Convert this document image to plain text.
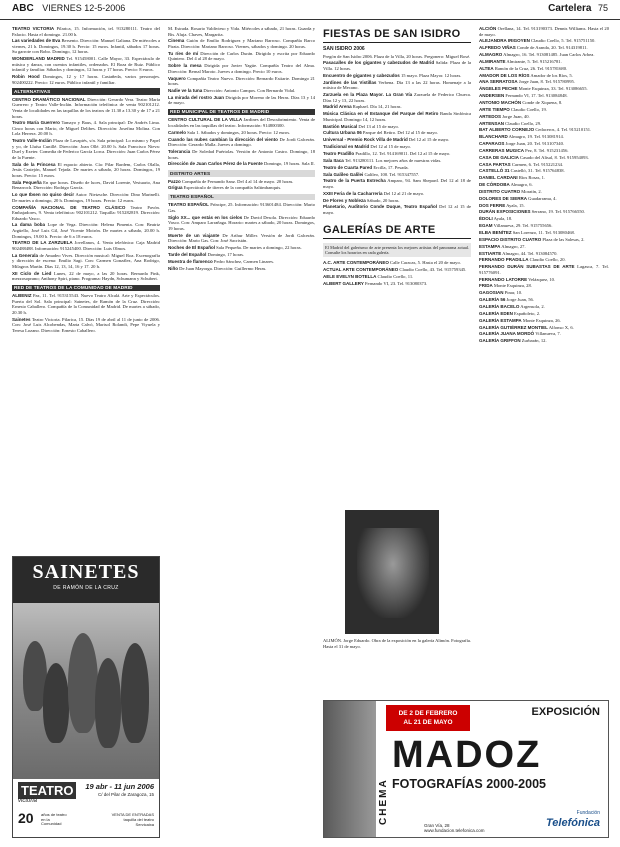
ABC VIERNES 12-5-2006	Cartelera 75
TEATRO VICTORIA Pilarica, 15. Información, tel. 913280111. Teatro del Palacio. Hasta el domingo. 21.00 h.
Las variedades de Eva Bersento. Dirección: Manuel Galiana. De miércoles a viernes, 21 h. Domingos, 19.30 h. Precio: 15 euros. Infantil, sábados 17 horas. Su garrote con Bobo. Domingo, 12 horas.
WONDERLAND MADRID Tel. 915458001. Calle Mayor, 33. Espectáculo de música y danza, con cuentos infantiles, ordenados. El Boza de Ruiz. Público infantil y familiar. Sábados y domingos, 12 horas y 17 horas. Precio: 8 euros.
Robin Hood Domingos, 12 y 17 horas. Castañeda, varios personajes. 902400222. Precio: 12 euros. Público infantil y familiar.
ALTERNATIVAS
CENTRO DRAMÁTICO NACIONAL Dirección: Gerardo Vera. Teatro María Guerrero y Teatro Valle-Inclán. Información telefónica de venta 902101212. Venta de localidades en las taquillas de los teatros de 11.30 a 13.30 y de 17 a 21 horas.
Teatro María Guerrero Tamayo y Baus, 4. Sala principal: De Andrés Lima. Cinco horas con Mario, de Miguel Delibes. Dirección: Josefina Molina. Con Lola Herrera. 20.00 h.
Teatro Valle-Inclán Plaza de Lavapiés, s/n. Sala principal: Lo mismo y Papel y yo, de Lluïsa Cunillé. Dirección: Joan Ollé. 20.00 h. Sala Francisco Nieva: Duel y Exeter. Comedia de Federico García Lorca. Dirección: Juan Carlos Pérez de la Fuente.
Sala de la Princesa El espacio abierto. Cía: Pilar Bardem, Carlos Olalla, Jesús Castejón, Manuel Tejada. De martes a sábado, 20 horas. Domingos, 19 horas. Precio: 15 euros.
Sala Pequeña En que horas. Diseño de luces, David Lorente, Vestuario, Ana Benarroch. Dirección: Rodrigo García.
Lo que Ibsen no quiso decir Autor: Nietzsche. Dirección: Dino Marinelli. De martes a domingo, 20 h. Domingos, 19 horas. Precio: 12 euros.
COMPAÑÍA NACIONAL DE TEATRO CLÁSICO Teatro Pavón. Embajadores, 9. Venta telefónica: 902101212. Taquilla: 915282819. Dirección: Eduardo Vasco.
La dama boba Lope de Vega. Dirección: Helena Pimenta. Con: Beatriz Argüello, José Luis Gil, José Vicente Moirón. De martes a sábado, 20.00 h. Domingos, 19.00 h. Precio: de 6 a 18 euros.
TEATRO DE LA ZARZUELA Jovellanos, 4. Venta telefónica: Caja Madrid 902488488. Información: 915245400. Dirección: Luis Olmos.
La Generala de Amadeo Vives. Dirección musical: Miguel Roa. Escenografía y dirección de escena: Emilio Sagi. Con: Carmen González, Ana Rodrigo, Milagros Martín. Días 12, 13, 14, 16 y 17. 20 h.
XII Ciclo de Lied Lunes, 22 de mayo, a las 20 horas. Bernarda Fink, mezzosoprano; Anthony Spiri, piano. Programa: Haydn, Schumann y Schubert.
RED DE TEATROS DE LA COMUNIDAD DE MADRID
ALBENIZ Paz, 11. Tel. 915315543. Nuevo Teatro Alcalá. Arte y Espectáculos. Puerta del Sol. Sala principal: Sainetes, de Ramón de la Cruz. Dirección: Ernesto Caballero. Compañía de la Comunidad de Madrid. De martes a sábado, 20.30 h.
Sainetes Teatro Victoria. Pilarica, 15. Días 19 de abril al 11 de junio de 2006. Con: José Luis Alcobendas, Marta Calvó, Marisol Rolandi, Pepe Viyuela y Teresa Lozano. Dirección: Ernesto Caballero.
SAINETES
DE RAMÓN DE LA CRUZ
TEATRO
victoria
19 abr - 11 jun 2006
C/ del Pilar de Zaragoza, 15
20 años de teatro en la Comunidad
VENTA DE ENTRADAS
taquilla del teatro
Servicaixa
M. Estrada. Rosario Valdivieso y Vida. Miércoles a sábado, 21 horas. Guarda y Bis. Aluja. Chaves, Margarita.
Cinema Guión de Emilio Rodriguez y Mariano Barroso. Compañía Barco Pirata. Dirección: Mariano Barroso. Viernes, sábados y domingo. 20 horas.
Tu ríes de mí Dirección de Carlos Durán. Dirigida y escrita por Eduardo Quintero. Del 4 al 28 de mayo.
Sobre la mesa Dirigida por Javier Yagüe. Compañía Teatro del Alma. Dirección: Bernal Maroto. Jueves a domingo. Precio 10 euros.
Vaquero Compañía Teatro Nuevo. Dirección: Bernardo Estiarte. Domingo 21 horas.
Nadie ve la tuna Dirección: Antonio Campos. Con Bernardo Vidal.
La mirada del rostro Juan Dirigida por Moreno de las Heras. Días 13 y 14 de mayo.
RED MUNICIPAL DE TEATROS DE MADRID
CENTRO CULTURAL DE LA VILLA Jardines del Descubrimiento. Venta de localidades en las taquillas del teatro. Información: 914800300.
Carmelo Sala 1. Sábados y domingos, 20 horas. Precio: 12 euros.
Cuando las nubes cambian la dirección del viento De Jordi Galcerán. Dirección: Gerardo Malla. Jueves a domingo.
Tolerancia De Soledad Puértolas. Versión de Antonio Castro. Domingo, 18 horas.
Dirección de Juan Carlos Pérez de la Fuente Domingo, 19 horas. Sala II.
DISTRITO ARTES
Pazzo Compañía de Fernando Sanz. Del 4 al 14 de mayo. 20 horas.
Grigua Espectáculo de títeres de la compañía Saltimbanquis.
TEATRO ESPAÑOL
TEATRO ESPAÑOL Príncipe, 25. Información: 913601484. Dirección: Mario Gas.
Siglo XX... que estás en los cielos De David Desola. Dirección: Eduardo Vasco. Con: Amparo Larrañaga. Horario: martes a sábado, 20 horas. Domingos, 19 horas.
Muerte de un viajante De Arthur Miller. Versión de Jordi Galcerán. Dirección: Mario Gas. Con: José Sacristán.
Noches de El Español Sala Pequeña. De martes a domingo, 22 horas.
Tarde del Español Domingo, 17 horas.
Muestra de flamenco Pedro Sánchez, Carmen Linares.
Niño De Juan Mayorga. Dirección: Guillermo Heras.
FIESTAS DE SAN ISIDRO
SAN ISIDRO 2006
Pregón de San Isidro 2006. Plaza de la Villa, 20 horas. Pregonero: Miguel Bosé.
Pasacalles de los gigantes y cabezudos de Madrid Salida: Plaza de la Villa. 12 horas.
Encuentro de gigantes y cabezudos 15 mayo. Plaza Mayor. 12 horas.
Jardines de las Vistillas Verbena. Día 13 a las 22 horas. Homenaje a la música de Mecano.
Zarzuela en la Plaza Mayor. La Gran Vía Zarzuela de Federico Chueca. Días 12 y 13, 22 horas.
Madrid Arena Raphael. Día 14, 21 horas.
Música Clásica en el Estanque del Parque del Retiro Banda Sinfónica Municipal. Domingo 14, 12 horas.
Bastión Musical Del 13 al 15 de mayo.
Cultura Urbana 06 Parque del Retiro. Del 12 al 15 de mayo.
Universal - Premio Rock Villa de Madrid Del 12 al 15 de mayo.
Tradicional en Madrid Del 12 al 15 de mayo.
Teatro Pradillo Pradillo, 12. Tel. 914169011. Del 12 al 15 de mayo.
Sala Itaca Tel. 913280111. Los mejores años de nuestras vidas.
Teatro de Cuarta Pared Ercilla, 17. Pesada.
Sala Galileo Galilei Galileo, 100. Tel. 915347557.
Teatro de la Puerta Estrecha Amparo, 94. Sam Shepard. Del 12 al 18 de mayo.
XXIII Feria de la Cacharrería Del 12 al 21 de mayo.
De Flores y Nobleza Sábado, 20 horas.
Planetario, Auditorio Conde Duque, Teatro Español Del 12 al 15 de mayo.
GALERÍAS DE ARTE
El Madrid del galerismo de arte presenta los mejores artistas del panorama actual. Consulte los horarios en cada galería.
A.C. ARTE CONTEMPORÁNEO Calle Caracas, 5. Hasta el 20 de mayo.
ACTUAL ARTE CONTEMPORÁNEO Claudio Coello, 43. Tel. 915759345.
AELE EVELYN BOTELLA Claudio Coello, 11.
ALBERT GALLERY Fernando VI, 23. Tel. 913080373.
ALIMÓN. Jorge Eduardo. Obra de la exposición en la galería Alimón. Fotografía. Hasta el 31 de mayo.
ALCIÓN Orellana, 14. Tel. 913190373. Dennis Williams. Hasta el 20 de mayo.
ALEJANDRA IRIGOYEN Claudio Coello, 5. Tel. 915751150.
ALFREDO VIÑAS Conde de Aranda, 20. Tel. 914319811.
ALMAGRO Almagro, 16. Tel. 913081485. Juan Carlos Arbea.
ALMIRANTE Almirante, 5. Tel. 915216781.
ALTEA Ramón de la Cruz, 26. Tel. 915781680.
AMADOR DE LOS RÍOS Amador de los Ríos, 5.
ANA SERRATOSA Jorge Juan, 8. Tel. 915780995.
ÁNGELES PECHE Monte Esquinza, 33. Tel. 913086655.
ANDERSEN Fernando VI, 17. Tel. 913084848.
ANTONIO MACHÓN Conde de Xiquena, 8.
ARTE TIEMPO Claudio Coello, 19.
ARTEDOS Jorge Juan, 40.
ARTENSAN Claudio Coello, 29.
BAT ALBERTO CORNEJO Cedaceros, 4. Tel. 915210151.
BLANCHARD Almagro, 19. Tel. 913081914.
CAPARAOS Jorge Juan, 20. Tel. 913107340.
CARRERAS MUGICA Pez, 8. Tel. 915231456.
CASA DE GALICIA Casado del Alisal, 8. Tel. 915954093.
CASA PARTAS Carmen, 6. Tel. 915221234.
CASTELLÓ 31 Castelló, 31. Tel. 915764838.
DANIEL CARDANI Ríos Rosas, 1.
DE CÓRDOBA Almagro, 6.
DISTRITO CUATRO Moratín, 2.
DOLORES DE SIERRA Guadarrama, 4.
DOS FERRE Ayala, 15.
DURÁN EXPOSICIONES Serrano, 19. Tel. 915766550.
ÉDOLI Ayala, 18.
EGAM Villanueva, 29. Tel. 915755656.
ELBA BENÍTEZ San Lorenzo, 11. Tel. 913080468.
ESPACIO DISTRITO CUATRO Plaza de las Salesas, 2.
ESTAMPA Almagro, 27.
ESTIARTE Almagro, 44. Tel. 913084570.
FERNANDO PRADILLA Claudio Coello, 20.
FERNANDO DURÁN SUBASTAS DE ARTE Lagasca, 7. Tel. 915776091.
FERNANDO LATORRE Velázquez, 10.
FRIDA Monte Esquinza, 28.
GAGOSIAN Pinar, 10.
GALERÍA 56 Jorge Juan, 56.
GALERÍA BACELO Argensola, 2.
GALERÍA EDEN Españoleto, 2.
GALERÍA ESTAMPA Monte Esquinza, 26.
GALERÍA GUTIÉRREZ MONTIEL Alfonso X, 6.
GALERÍA JUANA MORDÓ Villanueva, 7.
GALERÍA GRIFFON Zurbarán, 12.
CHEMA
DE 2 DE FEBRERO
AL 21 DE MAYO
EXPOSICIÓN
MADOZ
FOTOGRAFÍAS 2000-2005
Gran Vía, 28
www.fundacion.telefonica.com
Fundación
Telefónica
